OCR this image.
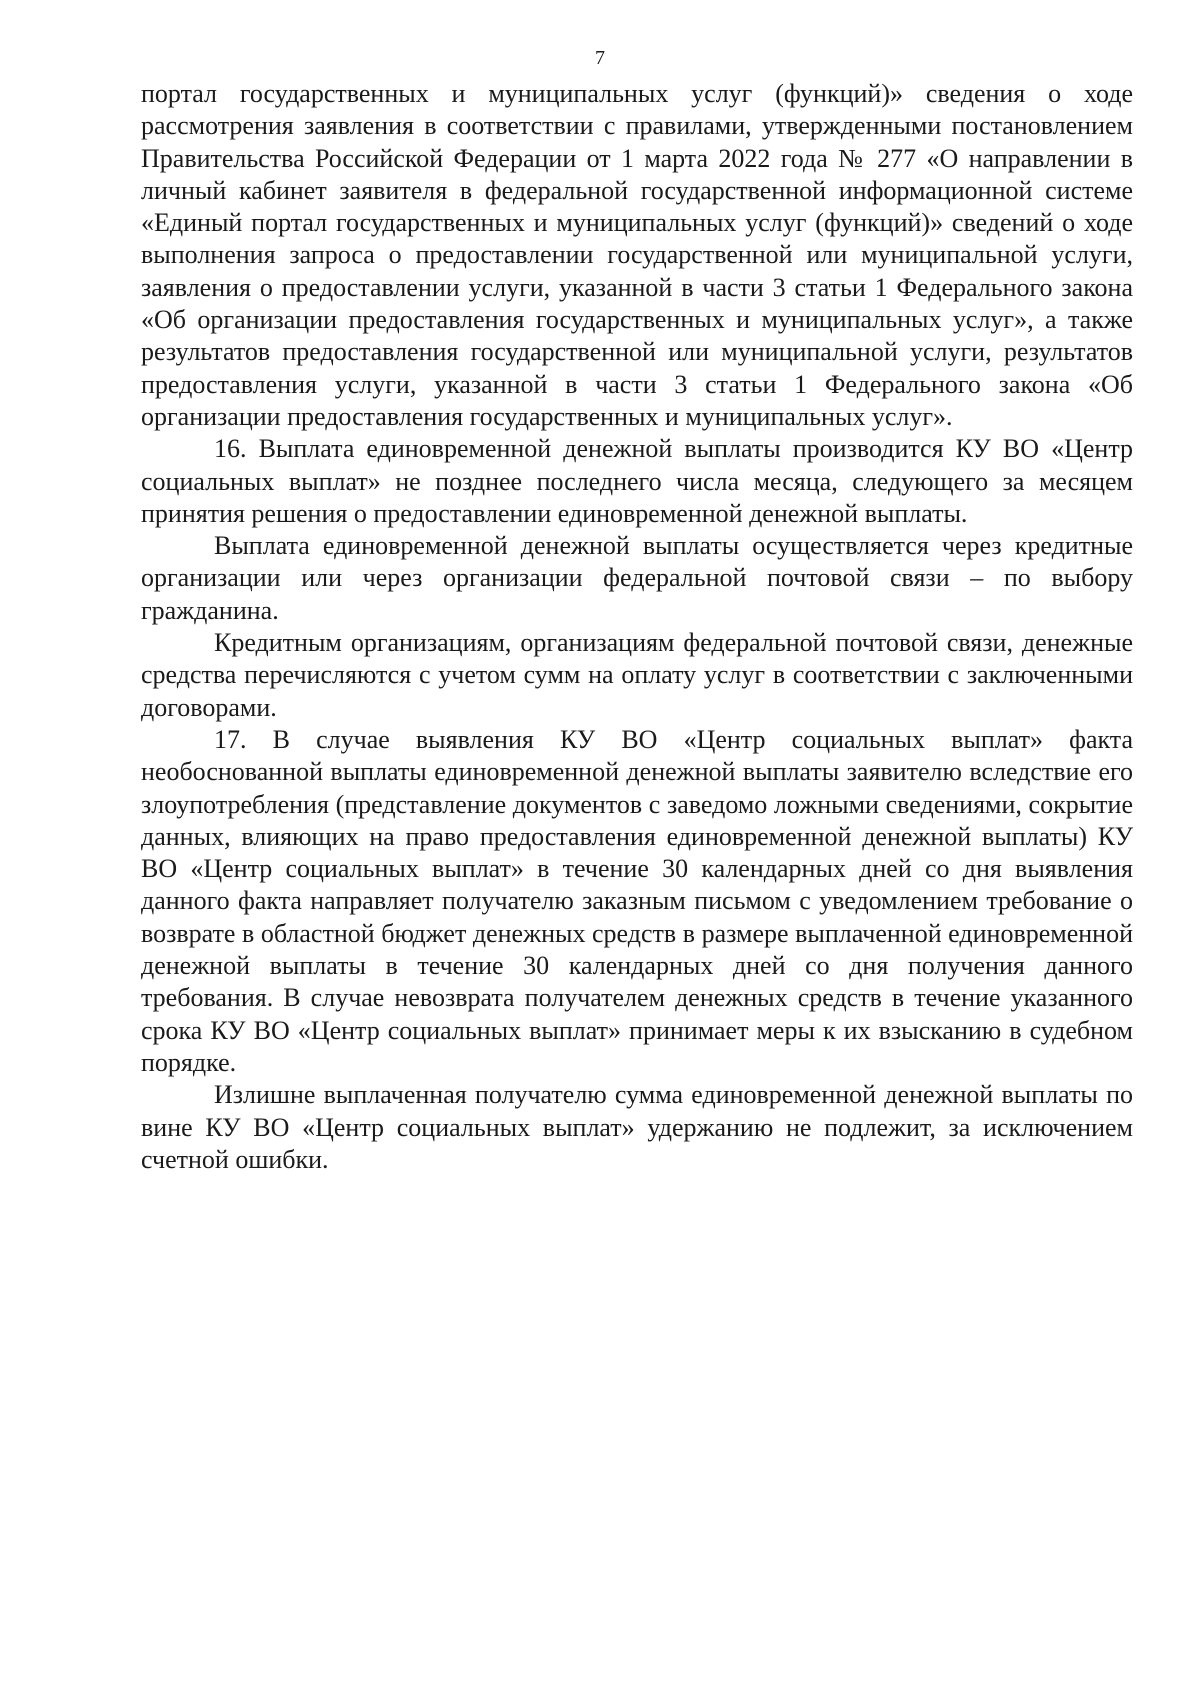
7

портал государственных и муниципальных услуг (функций)» сведения о ходе рассмотрения заявления в соответствии с правилами, утвержденными постановлением Правительства Российской Федерации от 1 марта 2022 года № 277 «О направлении в личный кабинет заявителя в федеральной государственной информационной системе «Единый портал государственных и муниципальных услуг (функций)» сведений о ходе выполнения запроса о предоставлении государственной или муниципальной услуги, заявления о предоставлении услуги, указанной в части 3 статьи 1 Федерального закона «Об организации предоставления государственных и муниципальных услуг», а также результатов предоставления государственной или муниципальной услуги, результатов предоставления услуги, указанной в части 3 статьи 1 Федерального закона «Об организации предоставления государственных и муниципальных услуг».

16. Выплата единовременной денежной выплаты производится КУ ВО «Центр социальных выплат» не позднее последнего числа месяца, следующего за месяцем принятия решения о предоставлении единовременной денежной выплаты.

Выплата единовременной денежной выплаты осуществляется через кредитные организации или через организации федеральной почтовой связи – по выбору гражданина.

Кредитным организациям, организациям федеральной почтовой связи, денежные средства перечисляются с учетом сумм на оплату услуг в соответствии с заключенными договорами.

17. В случае выявления КУ ВО «Центр социальных выплат» факта необоснованной выплаты единовременной денежной выплаты заявителю вследствие его злоупотребления (представление документов с заведомо ложными сведениями, сокрытие данных, влияющих на право предоставления единовременной денежной выплаты) КУ ВО «Центр социальных выплат» в течение 30 календарных дней со дня выявления данного факта направляет получателю заказным письмом с уведомлением требование о возврате в областной бюджет денежных средств в размере выплаченной единовременной денежной выплаты в течение 30 календарных дней со дня получения данного требования. В случае невозврата получателем денежных средств в течение указанного срока КУ ВО «Центр социальных выплат» принимает меры к их взысканию в судебном порядке.

Излишне выплаченная получателю сумма единовременной денежной выплаты по вине КУ ВО «Центр социальных выплат» удержанию не подлежит, за исключением счетной ошибки.
